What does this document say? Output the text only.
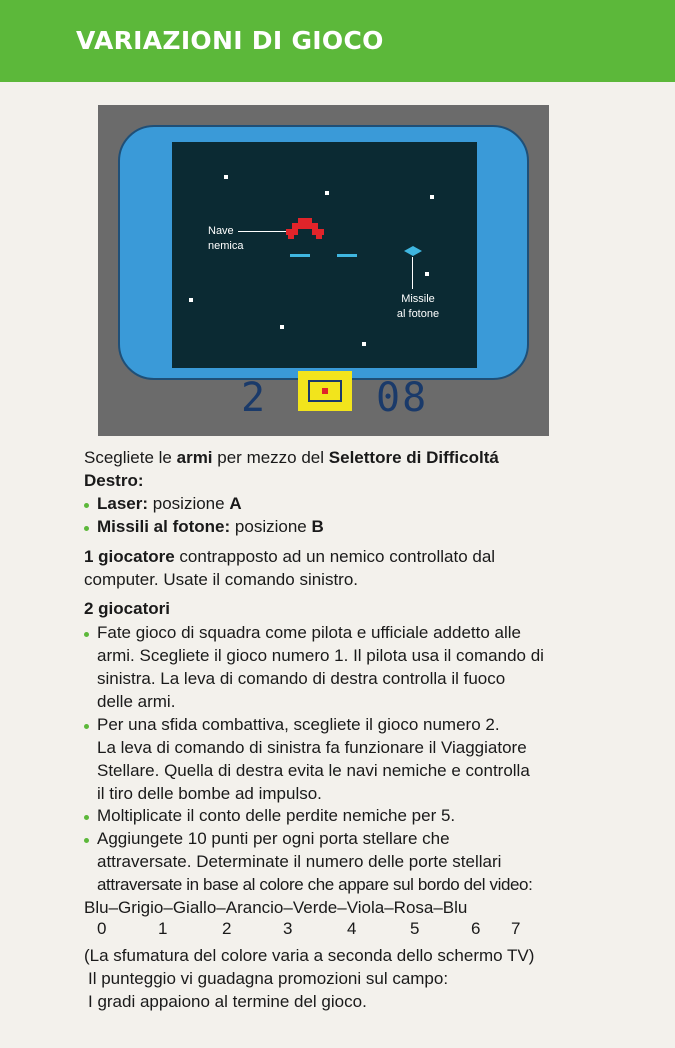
VARIAZIONI DI GIOCO
Nave
nemica
Missile
al fotone
2	08
Scegliete le armi per mezzo del Selettore di Difficoltá
Destro:
Laser: posizione A
Missili al fotone: posizione B
1 giocatore contrapposto ad un nemico controllato dal
computer. Usate il comando sinistro.
2 giocatori
Fate gioco di squadra come pilota e ufficiale addetto alle
armi. Scegliete il gioco numero 1. Il pilota usa il comando di
sinistra. La leva di comando di destra controlla il fuoco
delle armi.
Per una sfida combattiva, scegliete il gioco numero 2.
La leva di comando di sinistra fa funzionare il Viaggiatore
Stellare. Quella di destra evita le navi nemiche e controlla
il tiro delle bombe ad impulso.
Moltiplicate il conto delle perdite nemiche per 5.
Aggiungete 10 punti per ogni porta stellare che
attraversate. Determinate il numero delle porte stellari
attraversate in base al colore che appare sul bordo del video:
Blu–Grigio–Giallo–Arancio–Verde–Viola–Rosa–Blu
0	1	2	3	4	5	6 7
(La sfumatura del colore varia a seconda dello schermo TV)
Il punteggio vi guadagna promozioni sul campo:
I gradi appaiono al termine del gioco.
